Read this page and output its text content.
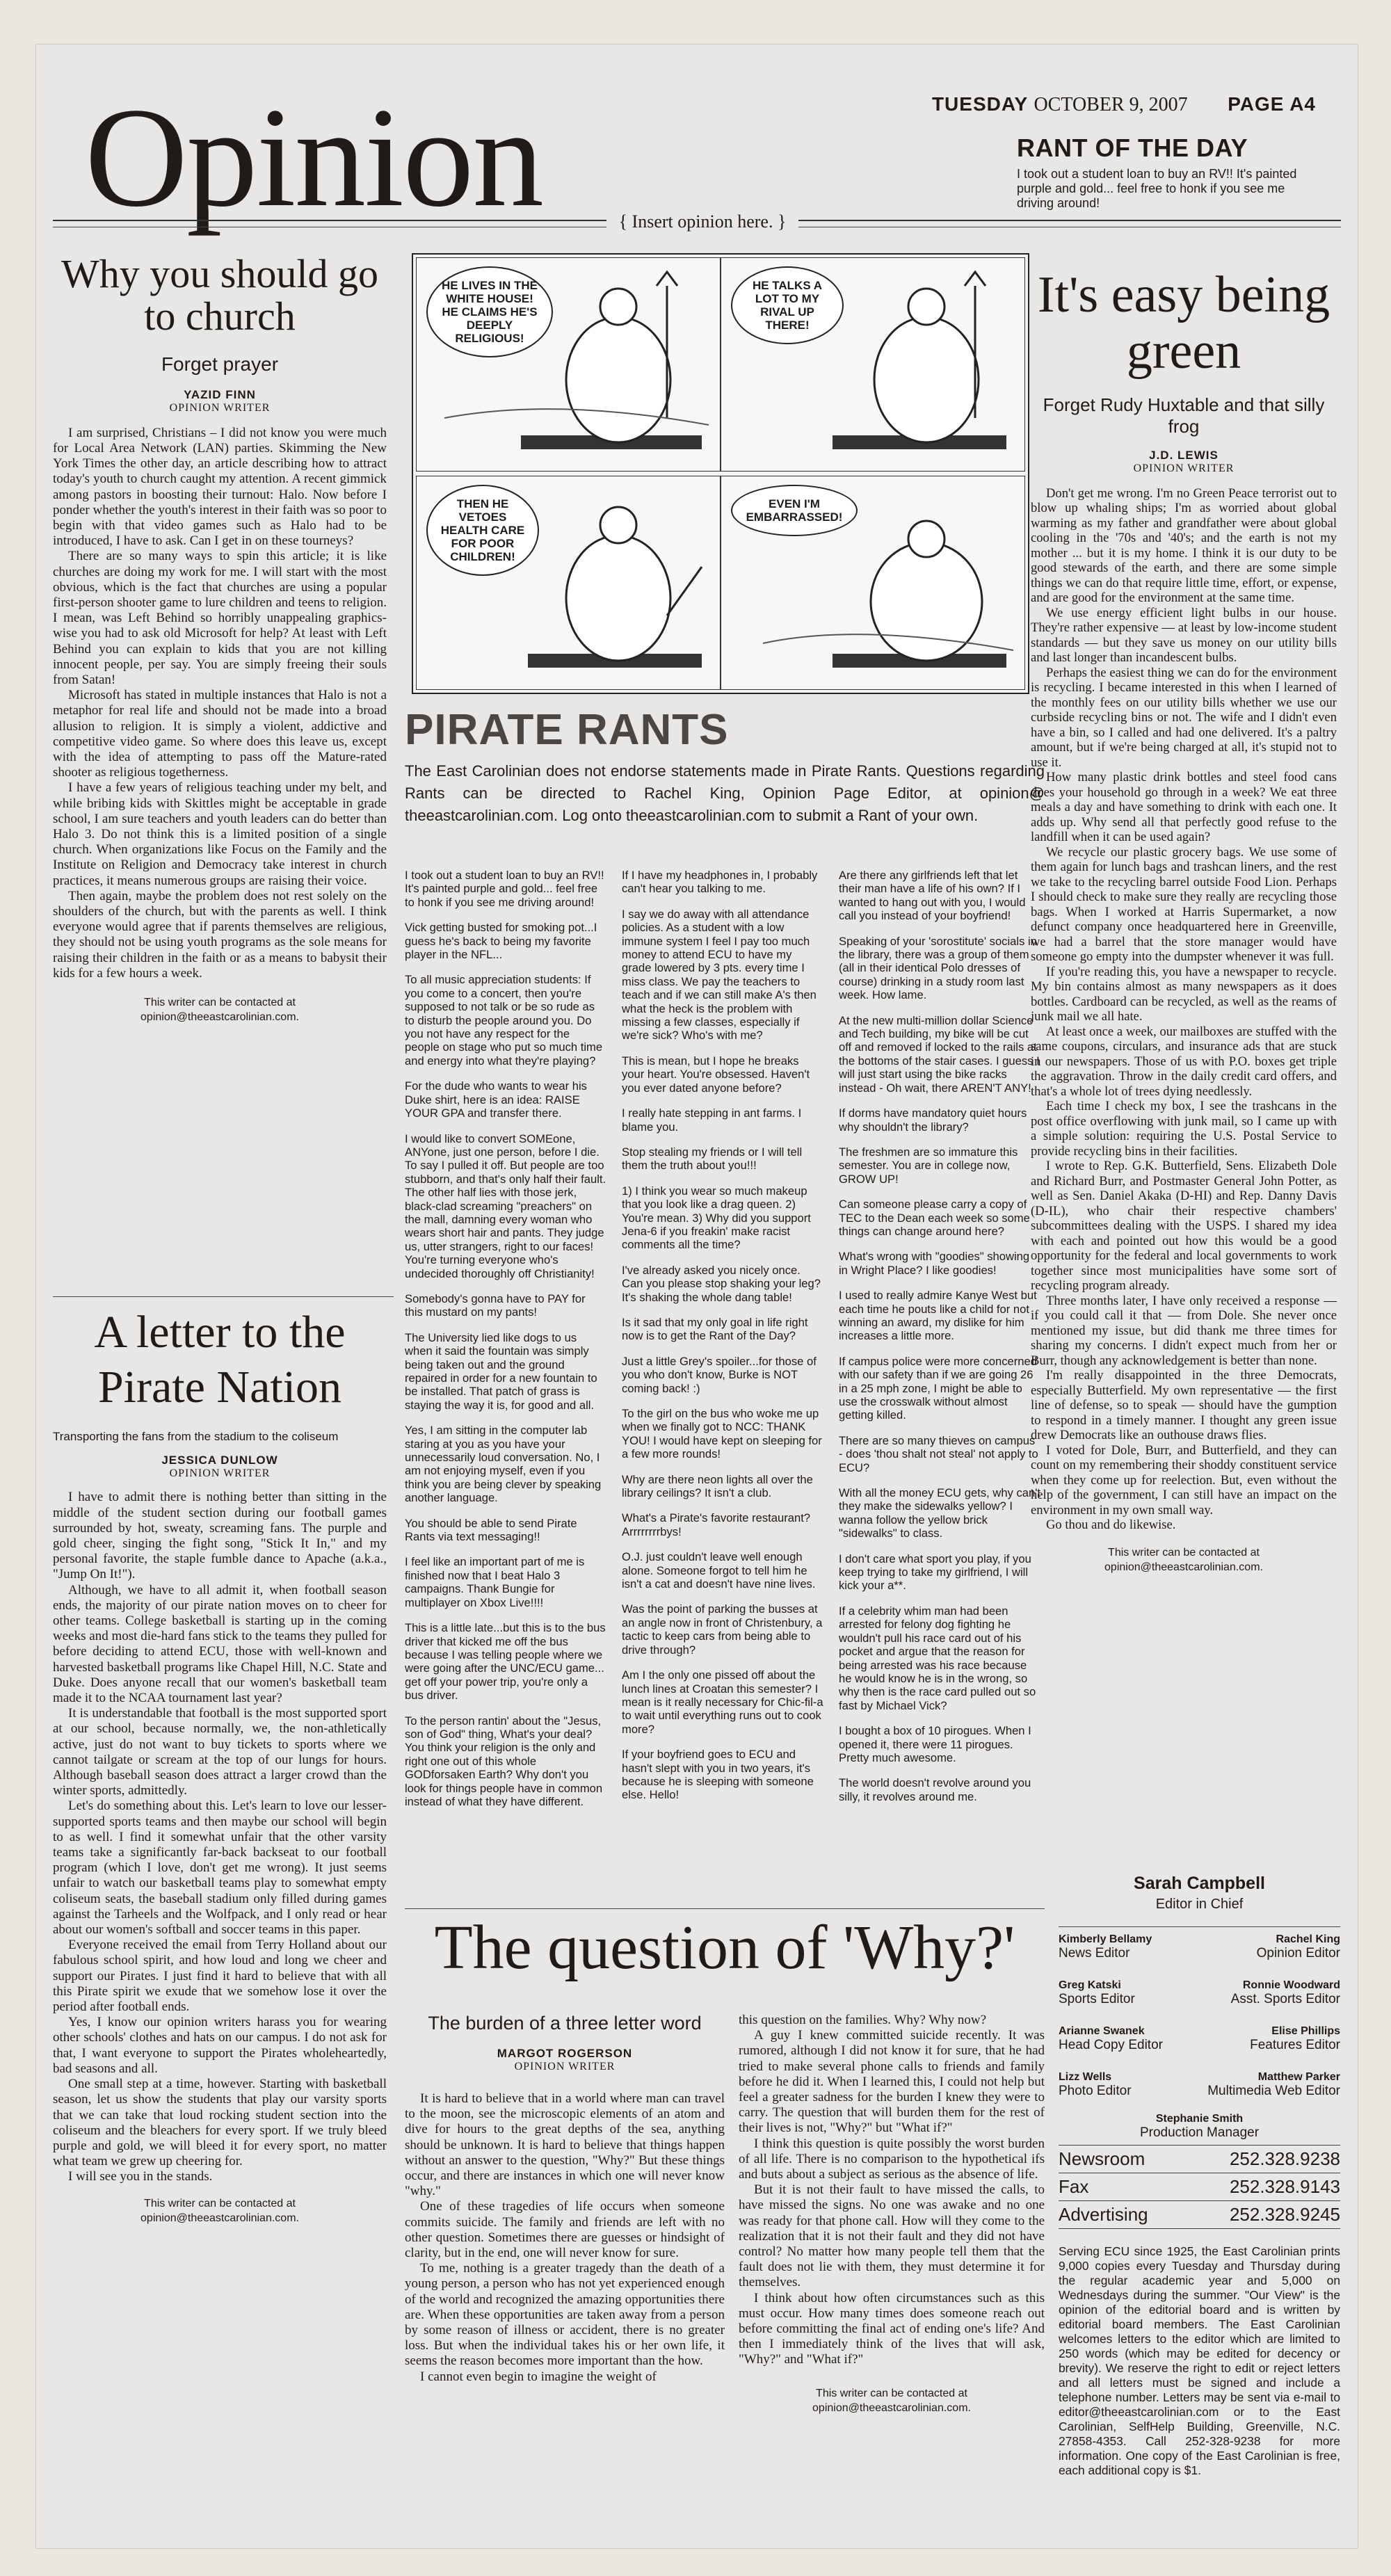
Opinion	TUESDAY OCTOBER 9, 2007 PAGE A4
RANT OF THE DAY

I took out a student loan to buy an RV!! It's painted purple and gold... feel free to honk if you see me driving around!

{ Insert opinion here. }
Why you should go to church
Forget prayer
YAZID FINN
OPINION WRITER

I am surprised, Christians – I did not know you were much for Local Area Network (LAN) parties. Skimming the New York Times the other day, an article describing how to attract today's youth to church caught my attention. A recent gimmick among pastors in boosting their turnout: Halo. Now before I ponder whether the youth's interest in their faith was so poor to begin with that video games such as Halo had to be introduced, I have to ask. Can I get in on these tourneys?

There are so many ways to spin this article; it is like churches are doing my work for me. I will start with the most obvious, which is the fact that churches are using a popular first-person shooter game to lure children and teens to religion. I mean, was Left Behind so horribly unappealing graphics-wise you had to ask old Microsoft for help? At least with Left Behind you can explain to kids that you are not killing innocent people, per say. You are simply freeing their souls from Satan!

Microsoft has stated in multiple instances that Halo is not a metaphor for real life and should not be made into a broad allusion to religion. It is simply a violent, addictive and competitive video game. So where does this leave us, except with the idea of attempting to pass off the Mature-rated shooter as religious togetherness.

I have a few years of religious teaching under my belt, and while bribing kids with Skittles might be acceptable in grade school, I am sure teachers and youth leaders can do better than Halo 3. Do not think this is a limited position of a single church. When organizations like Focus on the Family and the Institute on Religion and Democracy take interest in church practices, it means numerous groups are raising their voice.

Then again, maybe the problem does not rest solely on the shoulders of the church, but with the parents as well. I think everyone would agree that if parents themselves are religious, they should not be using youth programs as the sole means for raising their children in the faith or as a means to babysit their kids for a few hours a week.

This writer can be contacted at opinion@theeastcarolinian.com.
A letter to the Pirate Nation
Transporting the fans from the stadium to the coliseum
JESSICA DUNLOW
OPINION WRITER

I have to admit there is nothing better than sitting in the middle of the student section during our football games surrounded by hot, sweaty, screaming fans. The purple and gold cheer, singing the fight song, "Stick It In," and my personal favorite, the staple fumble dance to Apache (a.k.a., "Jump On It!").

Although, we have to all admit it, when football season ends, the majority of our pirate nation moves on to cheer for other teams. College basketball is starting up in the coming weeks and most die-hard fans stick to the teams they pulled for before deciding to attend ECU, those with well-known and harvested basketball programs like Chapel Hill, N.C. State and Duke. Does anyone recall that our women's basketball team made it to the NCAA tournament last year?

It is understandable that football is the most supported sport at our school, because normally, we, the non-athletically active, just do not want to buy tickets to sports where we cannot tailgate or scream at the top of our lungs for hours. Although baseball season does attract a larger crowd than the winter sports, admittedly.

Let's do something about this. Let's learn to love our lesser-supported sports teams and then maybe our school will begin to as well. I find it somewhat unfair that the other varsity teams take a significantly far-back backseat to our football program (which I love, don't get me wrong). It just seems unfair to watch our basketball teams play to somewhat empty coliseum seats, the baseball stadium only filled during games against the Tarheels and the Wolfpack, and I only read or hear about our women's softball and soccer teams in this paper.

Everyone received the email from Terry Holland about our fabulous school spirit, and how loud and long we cheer and support our Pirates. I just find it hard to believe that with all this Pirate spirit we exude that we somehow lose it over the period after football ends.

Yes, I know our opinion writers harass you for wearing other schools' clothes and hats on our campus. I do not ask for that, I want everyone to support the Pirates wholeheartedly, bad seasons and all.

One small step at a time, however. Starting with basketball season, let us show the students that play our varsity sports that we can take that loud rocking student section into the coliseum and the bleachers for every sport. If we truly bleed purple and gold, we will bleed it for every sport, no matter what team we grew up cheering for.

I will see you in the stands.

This writer can be contacted at opinion@theeastcarolinian.com.
HE LIVES IN THE WHITE HOUSE! HE CLAIMS HE'S DEEPLY RELIGIOUS!
HE TALKS A LOT TO MY RIVAL UP THERE!
THEN HE VETOES HEALTH CARE FOR POOR CHILDREN!
EVEN I'M EMBARRASSED!
PIRATE RANTS
The East Carolinian does not endorse statements made in Pirate Rants. Questions regarding Rants can be directed to Rachel King, Opinion Page Editor, at opinion@ theeastcarolinian.com. Log onto theeastcarolinian.com to submit a Rant of your own.

I took out a student loan to buy an RV!! It's painted purple and gold... feel free to honk if you see me driving around!

Vick getting busted for smoking pot...I guess he's back to being my favorite player in the NFL...

To all music appreciation students: If you come to a concert, then you're supposed to not talk or be so rude as to disturb the people around you. Do you not have any respect for the people on stage who put so much time and energy into what they're playing?

For the dude who wants to wear his Duke shirt, here is an idea: RAISE YOUR GPA and transfer there.

I would like to convert SOMEone, ANYone, just one person, before I die. To say I pulled it off. But people are too stubborn, and that's only half their fault. The other half lies with those jerk, black-clad screaming "preachers" on the mall, damning every woman who wears short hair and pants. They judge us, utter strangers, right to our faces! You're turning everyone who's undecided thoroughly off Christianity!

Somebody's gonna have to PAY for this mustard on my pants!

The University lied like dogs to us when it said the fountain was simply being taken out and the ground repaired in order for a new fountain to be installed. That patch of grass is staying the way it is, for good and all.

Yes, I am sitting in the computer lab staring at you as you have your unnecessarily loud conversation. No, I am not enjoying myself, even if you think you are being clever by speaking another language.

You should be able to send Pirate Rants via text messaging!!

I feel like an important part of me is finished now that I beat Halo 3 campaigns. Thank Bungie for multiplayer on Xbox Live!!!!

This is a little late...but this is to the bus driver that kicked me off the bus because I was telling people where we were going after the UNC/ECU game... get off your power trip, you're only a bus driver.

To the person rantin' about the "Jesus, son of God" thing, What's your deal? You think your religion is the only and right one out of this whole GODforsaken Earth? Why don't you look for things people have in common instead of what they have different.

If I have my headphones in, I probably can't hear you talking to me.

I say we do away with all attendance policies. As a student with a low immune system I feel I pay too much money to attend ECU to have my grade lowered by 3 pts. every time I miss class. We pay the teachers to teach and if we can still make A's then what the heck is the problem with missing a few classes, especially if we're sick? Who's with me?

This is mean, but I hope he breaks your heart. You're obsessed. Haven't you ever dated anyone before?

I really hate stepping in ant farms. I blame you.

Stop stealing my friends or I will tell them the truth about you!!!

1) I think you wear so much makeup that you look like a drag queen. 2) You're mean. 3) Why did you support Jena-6 if you freakin' make racist comments all the time?

I've already asked you nicely once. Can you please stop shaking your leg? It's shaking the whole dang table!

Is it sad that my only goal in life right now is to get the Rant of the Day?

Just a little Grey's spoiler...for those of you who don't know, Burke is NOT coming back! :)

To the girl on the bus who woke me up when we finally got to NCC: THANK YOU! I would have kept on sleeping for a few more rounds!

Why are there neon lights all over the library ceilings? It isn't a club.

What's a Pirate's favorite restaurant? Arrrrrrrrbys!

O.J. just couldn't leave well enough alone. Someone forgot to tell him he isn't a cat and doesn't have nine lives.

Was the point of parking the busses at an angle now in front of Christenbury, a tactic to keep cars from being able to drive through?

Am I the only one pissed off about the lunch lines at Croatan this semester? I mean is it really necessary for Chic-fil-a to wait until everything runs out to cook more?

If your boyfriend goes to ECU and hasn't slept with you in two years, it's because he is sleeping with someone else. Hello!

Are there any girlfriends left that let their man have a life of his own? If I wanted to hang out with you, I would call you instead of your boyfriend!

Speaking of your 'sorostitute' socials in the library, there was a group of them (all in their identical Polo dresses of course) drinking in a study room last week. How lame.

At the new multi-million dollar Science and Tech building, my bike will be cut off and removed if locked to the rails at the bottoms of the stair cases. I guess I will just start using the bike racks instead - Oh wait, there AREN'T ANY!

If dorms have mandatory quiet hours why shouldn't the library?

The freshmen are so immature this semester. You are in college now, GROW UP!

Can someone please carry a copy of TEC to the Dean each week so some things can change around here?

What's wrong with "goodies" showing in Wright Place? I like goodies!

I used to really admire Kanye West but each time he pouts like a child for not winning an award, my dislike for him increases a little more.

If campus police were more concerned with our safety than if we are going 26 in a 25 mph zone, I might be able to use the crosswalk without almost getting killed.

There are so many thieves on campus - does 'thou shalt not steal' not apply to ECU?

With all the money ECU gets, why can't they make the sidewalks yellow? I wanna follow the yellow brick "sidewalks" to class.

I don't care what sport you play, if you keep trying to take my girlfriend, I will kick your a**.

If a celebrity whim man had been arrested for felony dog fighting he wouldn't pull his race card out of his pocket and argue that the reason for being arrested was his race because he would know he is in the wrong, so why then is the race card pulled out so fast by Michael Vick?

I bought a box of 10 pirogues. When I opened it, there were 11 pirogues. Pretty much awesome.

The world doesn't revolve around you silly, it revolves around me.

It's easy being green
Forget Rudy Huxtable and that silly frog
J.D. LEWIS
OPINION WRITER

Don't get me wrong. I'm no Green Peace terrorist out to blow up whaling ships; I'm as worried about global warming as my father and grandfather were about global cooling in the '70s and '40's; and the earth is not my mother ... but it is my home. I think it is our duty to be good stewards of the earth, and there are some simple things we can do that require little time, effort, or expense, and are good for the environment at the same time.

We use energy efficient light bulbs in our house. They're rather expensive — at least by low-income student standards — but they save us money on our utility bills and last longer than incandescent bulbs.

Perhaps the easiest thing we can do for the environment is recycling. I became interested in this when I learned of the monthly fees on our utility bills whether we use our curbside recycling bins or not. The wife and I didn't even have a bin, so I called and had one delivered. It's a paltry amount, but if we're being charged at all, it's stupid not to use it.

How many plastic drink bottles and steel food cans does your household go through in a week? We eat three meals a day and have something to drink with each one. It adds up. Why send all that perfectly good refuse to the landfill when it can be used again?

We recycle our plastic grocery bags. We use some of them again for lunch bags and trashcan liners, and the rest we take to the recycling barrel outside Food Lion. Perhaps I should check to make sure they really are recycling those bags. When I worked at Harris Supermarket, a now defunct company once headquartered here in Greenville, we had a barrel that the store manager would have someone go empty into the dumpster whenever it was full.

If you're reading this, you have a newspaper to recycle. My bin contains almost as many newspapers as it does bottles. Cardboard can be recycled, as well as the reams of junk mail we all hate.

At least once a week, our mailboxes are stuffed with the same coupons, circulars, and insurance ads that are stuck in our newspapers. Those of us with P.O. boxes get triple the aggravation. Throw in the daily credit card offers, and that's a whole lot of trees dying needlessly.

Each time I check my box, I see the trashcans in the post office overflowing with junk mail, so I came up with a simple solution: requiring the U.S. Postal Service to provide recycling bins in their facilities.

I wrote to Rep. G.K. Butterfield, Sens. Elizabeth Dole and Richard Burr, and Postmaster General John Potter, as well as Sen. Daniel Akaka (D-HI) and Rep. Danny Davis (D-IL), who chair their respective chambers' subcommittees dealing with the USPS. I shared my idea with each and pointed out how this would be a good opportunity for the federal and local governments to work together since most municipalities have some sort of recycling program already.

Three months later, I have only received a response — if you could call it that — from Dole. She never once mentioned my issue, but did thank me three times for sharing my concerns. I didn't expect much from her or Burr, though any acknowledgement is better than none.

I'm really disappointed in the three Democrats, especially Butterfield. My own representative — the first line of defense, so to speak — should have the gumption to respond in a timely manner. I thought any green issue drew Democrats like an outhouse draws flies.

I voted for Dole, Burr, and Butterfield, and they can count on my remembering their shoddy constituent service when they come up for reelection. But, even without the help of the government, I can still have an impact on the environment in my own small way.

Go thou and do likewise.

This writer can be contacted at opinion@theeastcarolinian.com.
The question of 'Why?'
The burden of a three letter word
MARGOT ROGERSON
OPINION WRITER

It is hard to believe that in a world where man can travel to the moon, see the microscopic elements of an atom and dive for hours to the great depths of the sea, anything should be unknown. It is hard to believe that things happen without an answer to the question, "Why?" But these things occur, and there are instances in which one will never know "why."

One of these tragedies of life occurs when someone commits suicide. The family and friends are left with no other question. Sometimes there are guesses or hindsight of clarity, but in the end, one will never know for sure.

To me, nothing is a greater tragedy than the death of a young person, a person who has not yet experienced enough of the world and recognized the amazing opportunities there are. When these opportunities are taken away from a person by some reason of illness or accident, there is no greater loss. But when the individual takes his or her own life, it seems the reason becomes more important than the how.

I cannot even begin to imagine the weight of

this question on the families. Why? Why now?

A guy I knew committed suicide recently. It was rumored, although I did not know it for sure, that he had tried to make several phone calls to friends and family before he did it. When I learned this, I could not help but feel a greater sadness for the burden I knew they were to carry. The question that will burden them for the rest of their lives is not, "Why?" but "What if?"

I think this question is quite possibly the worst burden of all life. There is no comparison to the hypothetical ifs and buts about a subject as serious as the absence of life.

But it is not their fault to have missed the calls, to have missed the signs. No one was awake and no one was ready for that phone call. How will they come to the realization that it is not their fault and they did not have control? No matter how many people tell them that the fault does not lie with them, they must determine it for themselves.

I think about how often circumstances such as this must occur. How many times does someone reach out before committing the final act of ending one's life? And then I immediately think of the lives that will ask, "Why?" and "What if?"

This writer can be contacted at opinion@theeastcarolinian.com.
Sarah Campbell
Editor in Chief
Kimberly Bellamy
News Editor
Rachel King
Opinion Editor
Greg Katski
Sports Editor
Ronnie Woodward
Asst. Sports Editor
Arianne Swanek
Head Copy Editor
Elise Phillips
Features Editor
Lizz Wells
Photo Editor
Matthew Parker
Multimedia Web Editor
Stephanie Smith
Production Manager
Newsroom	252.328.9238
Fax	252.328.9143
Advertising	252.328.9245
Serving ECU since 1925, the East Carolinian prints 9,000 copies every Tuesday and Thursday during the regular academic year and 5,000 on Wednesdays during the summer. "Our View" is the opinion of the editorial board and is written by editorial board members. The East Carolinian welcomes letters to the editor which are limited to 250 words (which may be edited for decency or brevity). We reserve the right to edit or reject letters and all letters must be signed and include a telephone number. Letters may be sent via e-mail to editor@theeastcarolinian.com or to the East Carolinian, SelfHelp Building, Greenville, N.C. 27858-4353. Call 252-328-9238 for more information. One copy of the East Carolinian is free, each additional copy is $1.
